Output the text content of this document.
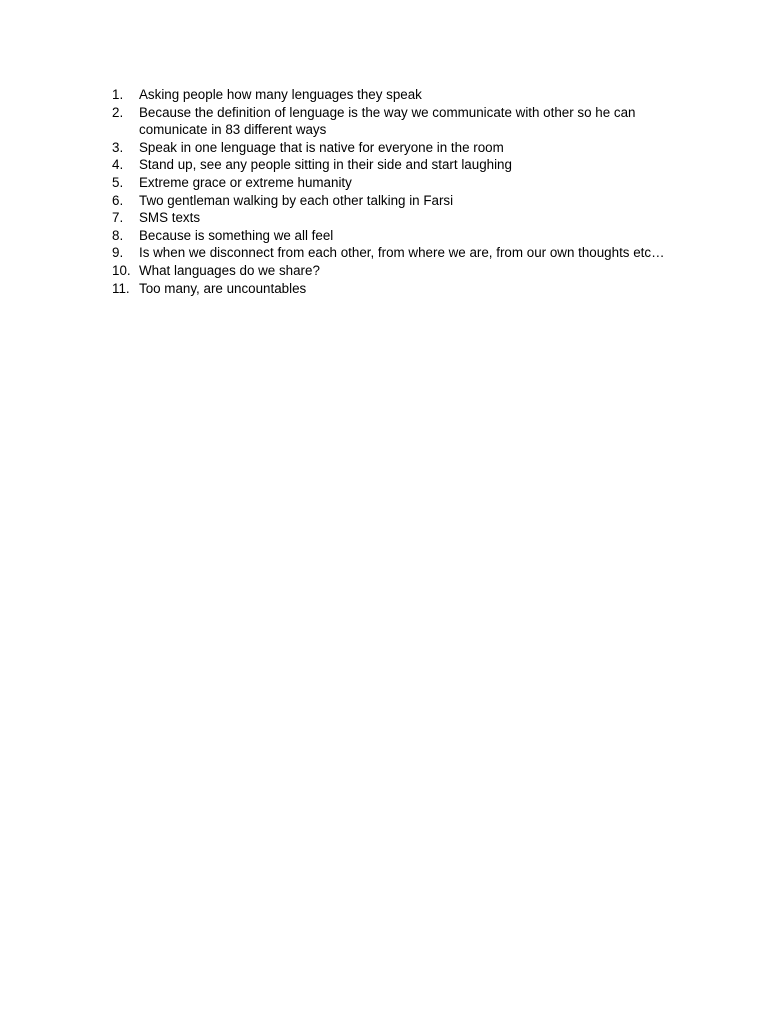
1.	Asking people how many lenguages they speak
2.	Because the definition of lenguage is the way we communicate with other so he can comunicate in 83 different ways
3.	Speak in one lenguage that is native for everyone in the room
4.	Stand up, see any people sitting in their side and start laughing
5.	Extreme grace or extreme humanity
6.	Two gentleman walking by each other talking in Farsi
7.	SMS texts
8.	Because is something we all feel
9.	Is when we disconnect from each other, from where we are, from our own thoughts etc…
10. What languages do we share?
11. Too many, are uncountables
